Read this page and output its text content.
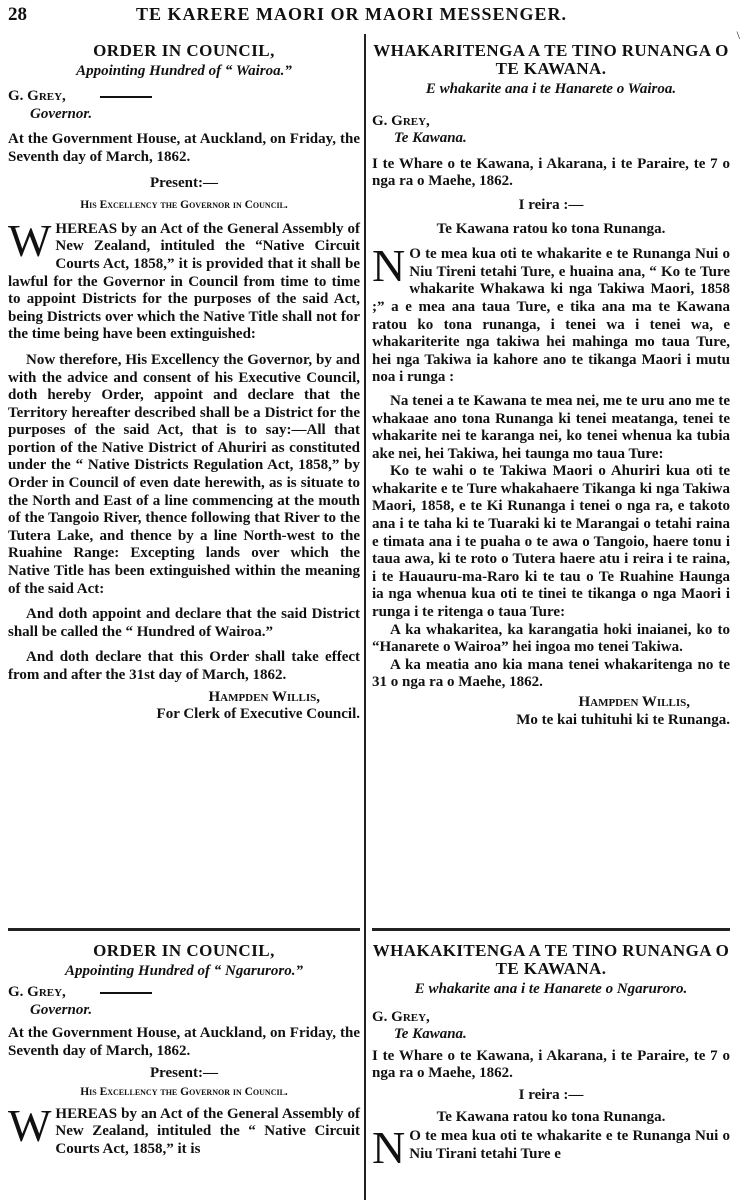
28	TE KARERE MAORI OR MAORI MESSENGER.
\
ORDER IN COUNCIL,
Appointing Hundred of “ Wairoa.”
G. Grey,
Governor.
At the Government House, at Auckland, on Friday, the Seventh day of March, 1862.
Present:—
His Excellency the Governor in Council.

WHEREAS by an Act of the General Assembly of New Zealand, intituled the “Native Circuit Courts Act, 1858,” it is provided that it shall be lawful for the Governor in Council from time to time to appoint Districts for the purposes of the said Act, being Districts over which the Native Title shall not for the time being have been extinguished:

Now therefore, His Excellency the Governor, by and with the advice and consent of his Executive Council, doth hereby Order, appoint and declare that the Territory hereafter described shall be a District for the purposes of the said Act, that is to say:—All that portion of the Native District of Ahuriri as constituted under the “ Native Districts Regulation Act, 1858,” by Order in Council of even date herewith, as is situate to the North and East of a line commencing at the mouth of the Tangoio River, thence following that River to the Tutera Lake, and thence by a line North-west to the Ruahine Range: Excepting lands over which the Native Title has been extinguished within the meaning of the said Act:

And doth appoint and declare that the said District shall be called the “ Hundred of Wairoa.”

And doth declare that this Order shall take effect from and after the 31st day of March, 1862.

Hampden Willis,
For Clerk of Executive Council.
ORDER IN COUNCIL,
Appointing Hundred of “ Ngaruroro.”
G. Grey,
Governor.
At the Government House, at Auckland, on Friday, the Seventh day of March, 1862.
Present:—
His Excellency the Governor in Council.

WHEREAS by an Act of the General Assembly of New Zealand, intituled the “ Native Circuit Courts Act, 1858,” it is

WHAKARITENGA A TE TINO RUNANGA O TE KAWANA.
E whakarite ana i te Hanarete o Wairoa.
G. Grey,
Te Kawana.
I te Whare o te Kawana, i Akarana, i te Paraire, te 7 o nga ra o Maehe, 1862.
I reira :—
Te Kawana ratou ko tona Runanga.

N O te mea kua oti te whakarite e te Runanga Nui o Niu Tireni tetahi Ture, e huaina ana, “ Ko te Ture whakarite Whakawa ki nga Takiwa Maori, 1858 ;” a e mea ana taua Ture, e tika ana ma te Kawana ratou ko tona runanga, i tenei wa i tenei wa, e whakariterite nga takiwa hei mahinga mo taua Ture, hei nga Takiwa ia kahore ano te tikanga Maori i mutu noa i runga :

Na tenei a te Kawana te mea nei, me te uru ano me te whakaae ano tona Runanga ki tenei meatanga, tenei te whakarite nei te karanga nei, ko tenei whenua ka tubia ake nei, hei Takiwa, hei taunga mo taua Ture:

Ko te wahi o te Takiwa Maori o Ahuriri kua oti te whakarite e te Ture whakahaere Tikanga ki nga Takiwa Maori, 1858, e te Ki Runanga i tenei o nga ra, e takoto ana i te taha ki te Tuaraki ki te Marangai o tetahi raina e timata ana i te puaha o te awa o Tangoio, haere tonu i taua awa, ki te roto o Tutera haere atu i reira i te raina, i te Hauauru-ma-Raro ki te tau o Te Ruahine Haunga ia nga whenua kua oti te tinei te tikanga o nga Maori i runga i te ritenga o taua Ture:

A ka whakaritea, ka karangatia hoki inaianei, ko to “Hanarete o Wairoa” hei ingoa mo tenei Takiwa.

A ka meatia ano kia mana tenei whakaritenga no te 31 o nga ra o Maehe, 1862.

Hampden Willis,
Mo te kai tuhituhi ki te Runanga.
WHAKAKITENGA A TE TINO RUNANGA O TE KAWANA.
E whakarite ana i te Hanarete o Ngaruroro.
G. Grey,
Te Kawana.
I te Whare o te Kawana, i Akarana, i te Paraire, te 7 o nga ra o Maehe, 1862.
I reira :—
Te Kawana ratou ko tona Runanga.

N O te mea kua oti te whakarite e te Runanga Nui o Niu Tirani tetahi Ture e
